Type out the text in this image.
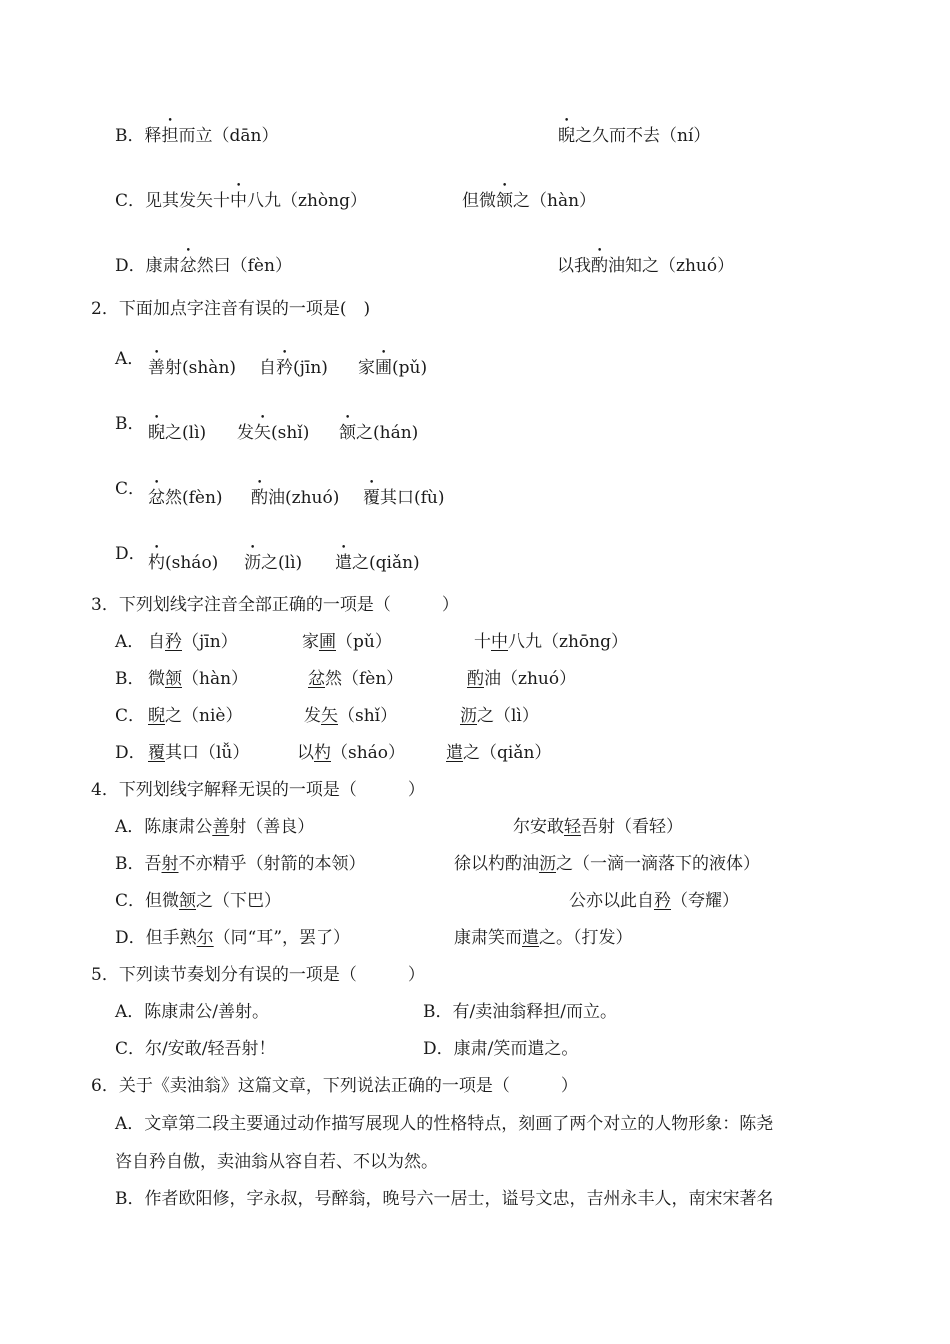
B．释担而立（dān）	睨之久而不去（ní）
C．见其发矢十中八九（zhòng）	但微颔之（hàn）
D．康肃忿然曰（fèn）	以我酌油知之（zhuó）
2．下面加点字注音有误的一项是(　)
A． 善射(shàn) 自矜(jīn) 家圃(pǔ)
B． 睨之(lì) 发矢(shǐ) 颔之(hán)
C． 忿然(fèn) 酌油(zhuó) 覆其口(fù)
D． 杓(sháo) 沥之(lì) 遣之(qiǎn)
3．下列划线字注音全部正确的一项是（　　　）
A． 自矜（jīn）	家圃（pǔ）	十中八九（zhōng）
B． 微颔（hàn）	忿然（fèn）	酌油（zhuó）
C． 睨之（niè）	发矢（shǐ）	沥之（lì）
D． 覆其口（lǚ）	以杓（sháo） 遣之（qiǎn）
4．下列划线字解释无误的一项是（　　　）
A．陈康肃公善射（善良）	尔安敢轻吾射（看轻）
B．吾射不亦精乎（射箭的本领）	徐以杓酌油沥之（一滴一滴落下的液体）
C．但微颔之（下巴）	公亦以此自矜（夸耀）
D．但手熟尔（同“耳”，罢了）	康肃笑而遣之。（打发）
5．下列读节奏划分有误的一项是（　　　）
A．陈康肃公/善射。	B．有/卖油翁释担/而立。
C．尔/安敢/轻吾射！	D．康肃/笑而遣之。
6．关于《卖油翁》这篇文章，下列说法正确的一项是（　　　）
A．文章第二段主要通过动作描写展现人的性格特点，刻画了两个对立的人物形象：陈尧
咨自矜自傲，卖油翁从容自若、不以为然。
B．作者欧阳修，字永叔，号醉翁，晚号六一居士，谥号文忠，吉州永丰人，南宋宋著名
